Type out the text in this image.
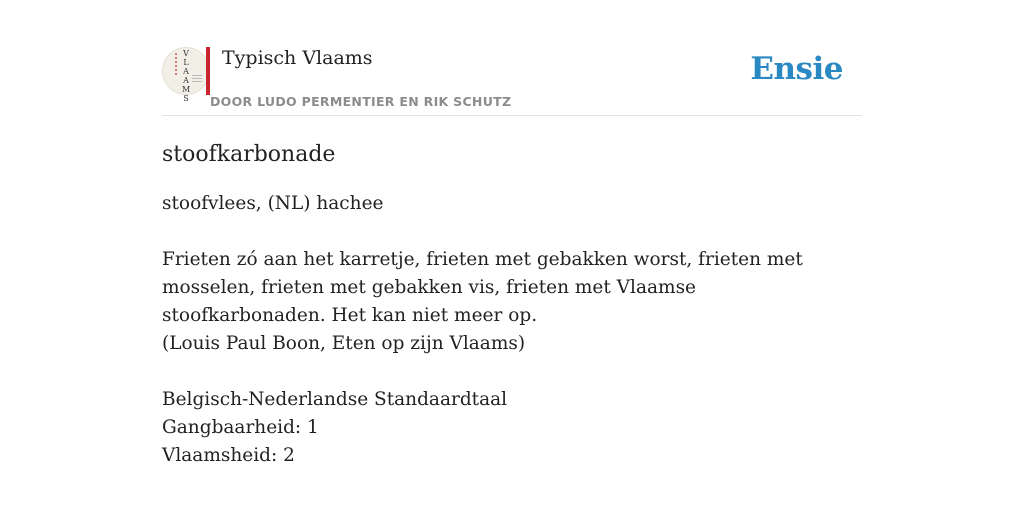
V
L
A
A
M
S
Typisch Vlaams
DOOR LUDO PERMENTIER EN RIK SCHUTZ
Ensie
stoofkarbonade

stoofvlees, (NL) hachee

Frieten zó aan het karretje, frieten met gebakken worst, frieten met mosselen, frieten met gebakken vis, frieten met Vlaamse stoofkarbonaden. Het kan niet meer op.

(Louis Paul Boon, Eten op zijn Vlaams)

Belgisch-Nederlandse Standaardtaal

Gangbaarheid: 1

Vlaamsheid: 2
